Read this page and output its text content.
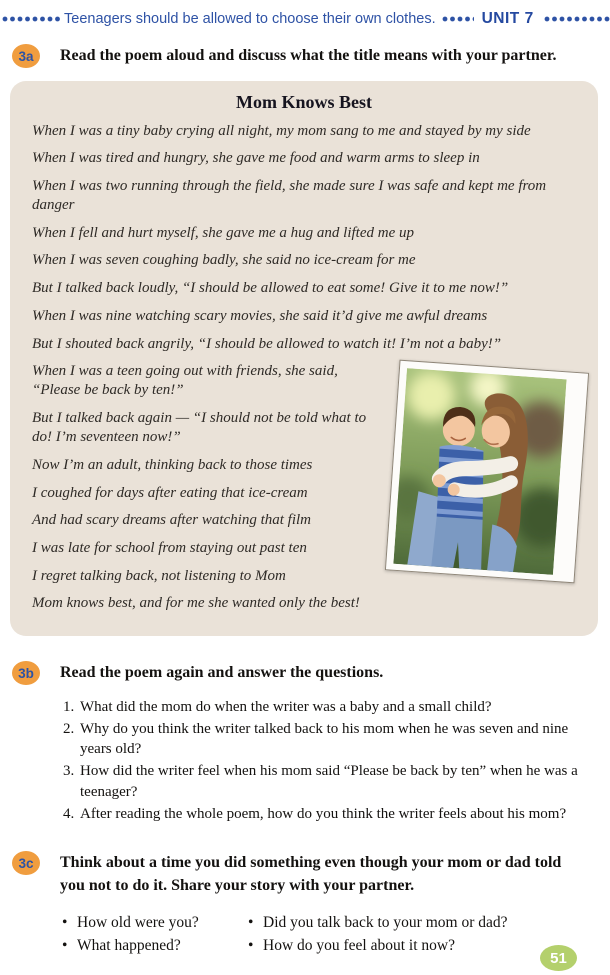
Teenagers should be allowed to choose their own clothes.	UNIT 7
3a	Read the poem aloud and discuss what the title means with your partner.

Mom Knows Best

When I was a tiny baby crying all night, my mom sang to me and stayed by my side

When I was tired and hungry, she gave me food and warm arms to sleep in

When I was two running through the field, she made sure I was safe and kept me from danger

When I fell and hurt myself, she gave me a hug and lifted me up

When I was seven coughing badly, she said no ice-cream for me

But I talked back loudly, “I should be allowed to eat some! Give it to me now!”

When I was nine watching scary movies, she said it’d give me awful dreams

But I shouted back angrily, “I should be allowed to watch it! I’m not a baby!”

When I was a teen going out with friends, she said, “Please be back by ten!”

But I talked back again — “I should not be told what to do! I’m seventeen now!”

Now I’m an adult, thinking back to those times

I coughed for days after eating that ice-cream

And had scary dreams after watching that film

I was late for school from staying out past ten

I regret talking back, not listening to Mom

Mom knows best, and for me she wanted only the best!

3b	Read the poem again and answer the questions.

1. What did the mom do when the writer was a baby and a small child?
2. Why do you think the writer talked back to his mom when he was seven and nine years old?
3. How did the writer feel when his mom said “Please be back by ten” when he was a teenager?
4. After reading the whole poem, how do you think the writer feels about his mom?
3c	Think about a time you did something even though your mom or dad told you not to do it. Share your story with your partner.

• How old were you?
• What happened?
• Did you talk back to your mom or dad?
• How do you feel about it now?
51
